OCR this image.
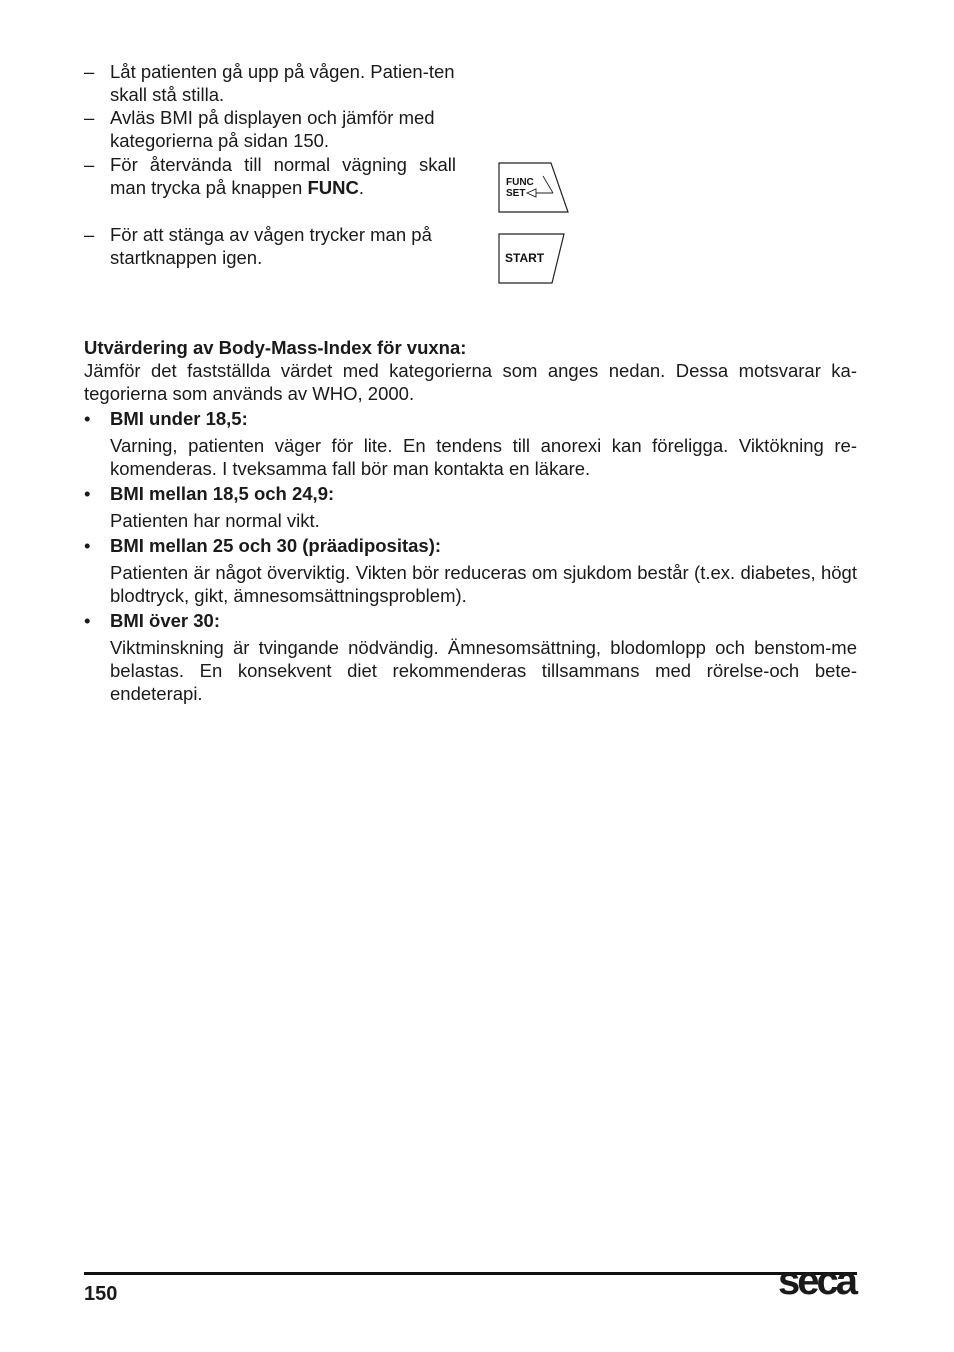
– Låt patienten gå upp på vågen. Patien-ten skall stå stilla.
– Avläs BMI på displayen och jämför med kategorierna på sidan 150.
– För återvända till normal vägning skall man trycka på knappen FUNC.
– För att stänga av vågen trycker man på startknappen igen.
FUNC
SET
START
Utvärdering av Body-Mass-Index för vuxna:
Jämför det fastställda värdet med kategorierna som anges nedan. Dessa motsvarar ka-tegorierna som används av WHO, 2000.
• BMI under 18,5:
Varning, patienten väger för lite. En tendens till anorexi kan föreligga. Viktökning re-komenderas. I tveksamma fall bör man kontakta en läkare.
• BMI mellan 18,5 och 24,9:
Patienten har normal vikt.
• BMI mellan 25 och 30 (präadipositas):
Patienten är något överviktig. Vikten bör reduceras om sjukdom består (t.ex. diabetes, högt blodtryck, gikt, ämnesomsättningsproblem).
• BMI över 30:
Viktminskning är tvingande nödvändig. Ämnesomsättning, blodomlopp och benstom-me belastas. En konsekvent diet rekommenderas tillsammans med rörelse-och bete-endeterapi.
150	seca
